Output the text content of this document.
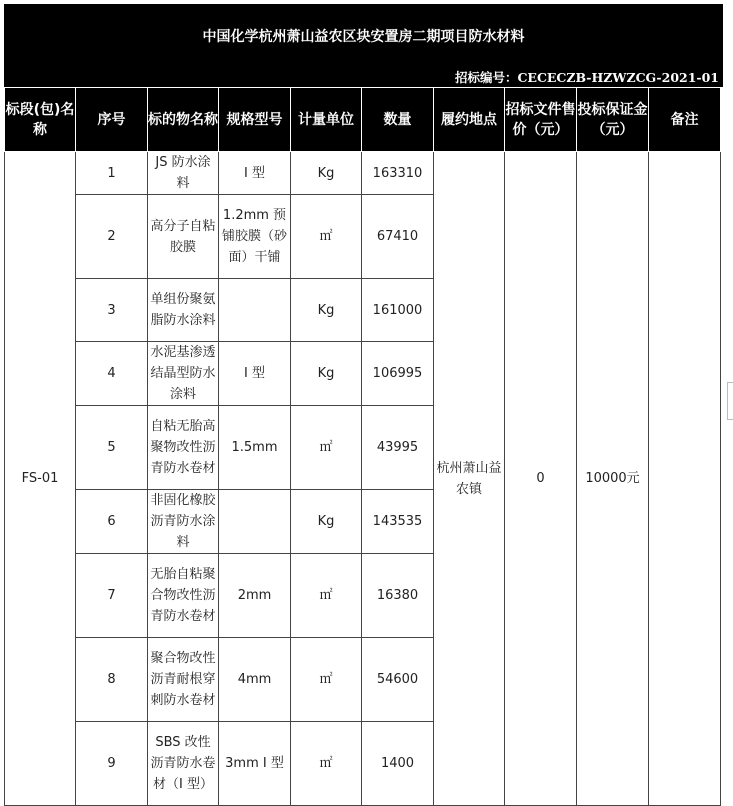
中国化学杭州萧山益农区块安置房二期项目防水材料
招标编号：CECECZB-HZWZCG-2021-01
标段(包)名称	序号	标的物名称	规格型号	计量单位	数量	履约地点	招标文件售价（元）	投标保证金（元）	备注
FS-01	1	JS 防水涂料	I 型	Kg	163310	杭州萧山益农镇	0	10000元	
	2	高分子自粘胶膜	1.2mm 预铺胶膜（砂面）干铺	㎡	67410				
	3	单组份聚氨脂防水涂料		Kg	161000				
	4	水泥基渗透结晶型防水涂料	I 型	Kg	106995				
	5	自粘无胎高聚物改性沥青防水卷材	1.5mm	㎡	43995				
	6	非固化橡胶沥青防水涂料		Kg	143535				
	7	无胎自粘聚合物改性沥青防水卷材	2mm	㎡	16380				
	8	聚合物改性沥青耐根穿刺防水卷材	4mm	㎡	54600				
	9	SBS 改性沥青防水卷材（I 型）	3mm I 型	㎡	1400				
